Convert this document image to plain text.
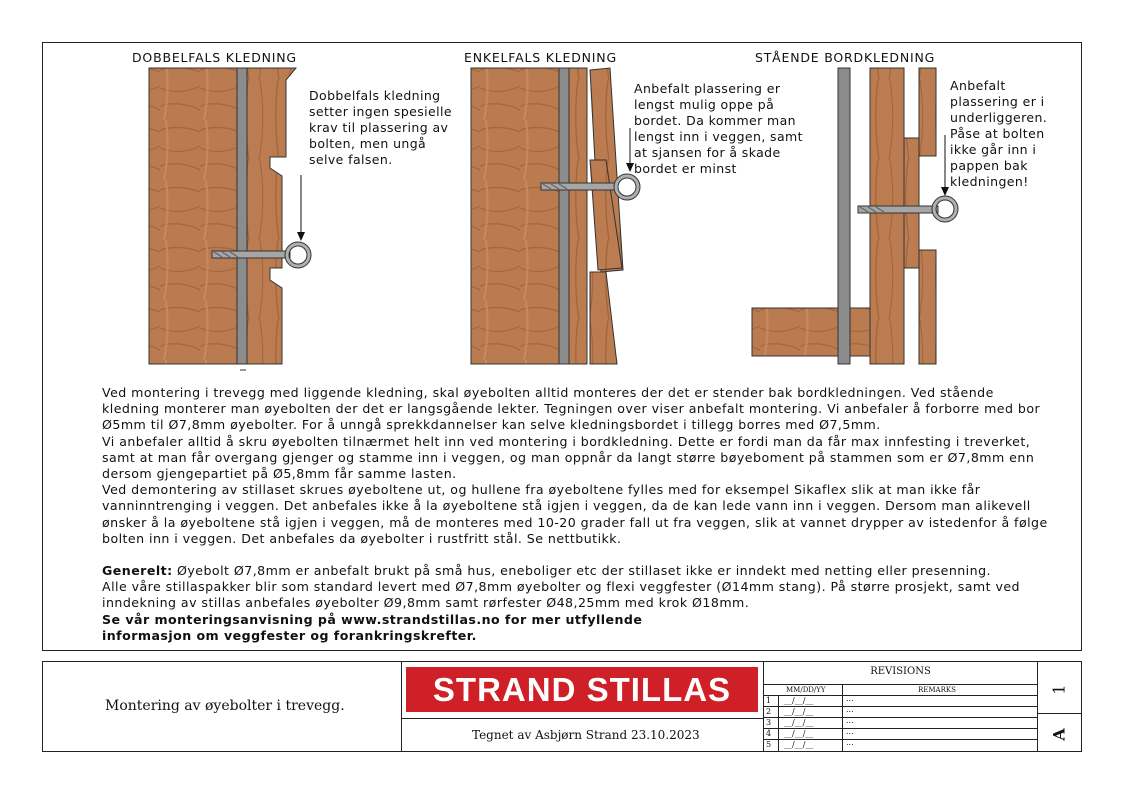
DOBBELFALS KLEDNING	ENKELFALS KLEDNING	STÅENDE BORDKLEDNING
Dobbelfals kledning
setter ingen spesielle
krav til plassering av
bolten, men ungå
selve falsen.
Anbefalt plassering er
lengst mulig oppe på
bordet. Da kommer man
lengst inn i veggen, samt
at sjansen for å skade
bordet er minst
Anbefalt
plassering er i
underliggeren.
Påse at bolten
ikke går inn i
pappen bak
kledningen!
Ved montering i trevegg med liggende kledning, skal øyebolten alltid monteres der det er stender bak bordkledningen. Ved stående
kledning monterer man øyebolten der det er langsgående lekter. Tegningen over viser anbefalt montering. Vi anbefaler å forborre med bor
Ø5mm til Ø7,8mm øyebolter. For å unngå sprekkdannelser kan selve kledningsbordet i tillegg borres med Ø7,5mm.
Vi anbefaler alltid å skru øyebolten tilnærmet helt inn ved montering i bordkledning. Dette er fordi man da får max innfesting i treverket,
samt at man får overgang gjenger og stamme inn i veggen, og man oppnår da langt større bøyeboment på stammen som er Ø7,8mm enn
dersom gjengepartiet på Ø5,8mm får samme lasten.
Ved demontering av stillaset skrues øyeboltene ut, og hullene fra øyeboltene fylles med for eksempel Sikaflex slik at man ikke får
vanninntrenging i veggen. Det anbefales ikke å la øyeboltene stå igjen i veggen, da de kan lede vann inn i veggen. Dersom man alikevell
ønsker å la øyeboltene stå igjen i veggen, må de monteres med 10-20 grader fall ut fra veggen, slik at vannet drypper av istedenfor å følge
bolten inn i veggen. Det anbefales da øyebolter i rustfritt stål. Se nettbutikk.
Generelt: Øyebolt Ø7,8mm er anbefalt brukt på små hus, eneboliger etc der stillaset ikke er inndekt med netting eller presenning.
Alle våre stillaspakker blir som standard levert med Ø7,8mm øyebolter og flexi veggfester (Ø14mm stang). På større prosjekt, samt ved
inndekning av stillas anbefales øyebolter Ø9,8mm samt rørfester Ø48,25mm med krok Ø18mm.
Se vår monteringsanvisning på www.strandstillas.no for mer utfyllende
informasjon om veggfester og forankringskrefter.
Montering av øyebolter i trevegg.	STRAND STILLAS
Tegnet av Asbjørn Strand 23.10.2023
REVISIONS
MM/DD/YY	REMARKS
1 __/__/__	...
2 __/__/__	...
3 __/__/__	...
4 __/__/__	...
5 __/__/__	...
1
A
